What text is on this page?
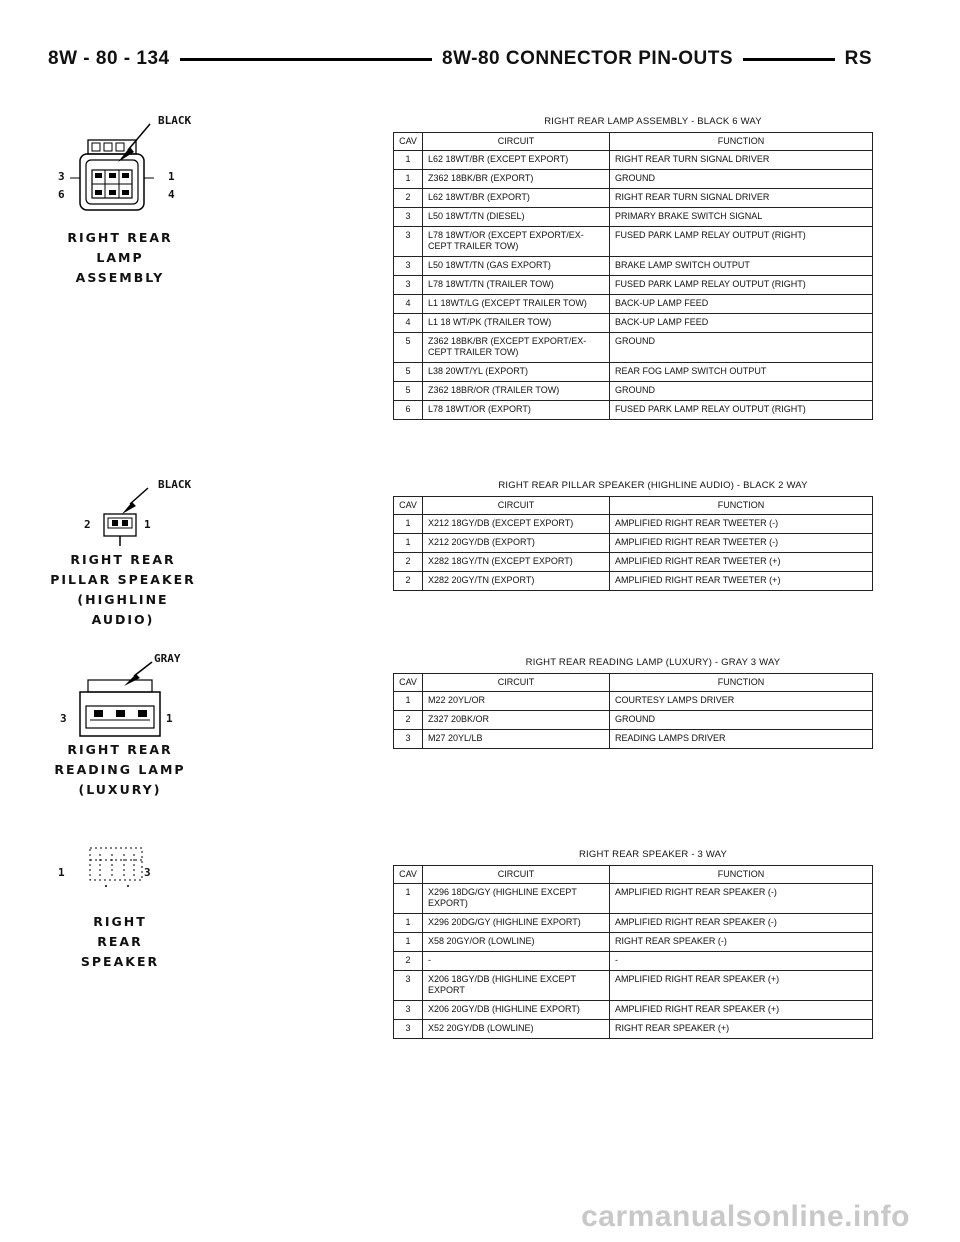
8W - 80 - 134	8W-80 CONNECTOR PIN-OUTS	RS
BLACK
3	1
6	4
RIGHT REAR
LAMP ASSEMBLY
BLACK
2	1
RIGHT REAR
PILLAR SPEAKER
(HIGHLINE AUDIO)
GRAY
3	1
RIGHT REAR
READING LAMP
(LUXURY)
1	3
RIGHT
REAR
SPEAKER
RIGHT REAR LAMP ASSEMBLY - BLACK 6 WAY
CAV	CIRCUIT	FUNCTION
1	L62 18WT/BR (EXCEPT EXPORT)	RIGHT REAR TURN SIGNAL DRIVER
1	Z362 18BK/BR (EXPORT)	GROUND
2	L62 18WT/BR (EXPORT)	RIGHT REAR TURN SIGNAL DRIVER
3	L50 18WT/TN (DIESEL)	PRIMARY BRAKE SWITCH SIGNAL
3	L78 18WT/OR (EXCEPT EXPORT/EX-
CEPT TRAILER TOW)	FUSED PARK LAMP RELAY OUTPUT (RIGHT)
3	L50 18WT/TN (GAS EXPORT)	BRAKE LAMP SWITCH OUTPUT
3	L78 18WT/TN (TRAILER TOW)	FUSED PARK LAMP RELAY OUTPUT (RIGHT)
4	L1 18WT/LG (EXCEPT TRAILER TOW)	BACK-UP LAMP FEED
4	L1 18 WT/PK (TRAILER TOW)	BACK-UP LAMP FEED
5	Z362 18BK/BR (EXCEPT EXPORT/EX-
CEPT TRAILER TOW)	GROUND
5	L38 20WT/YL (EXPORT)	REAR FOG LAMP SWITCH OUTPUT
5	Z362 18BR/OR (TRAILER TOW)	GROUND
6	L78 18WT/OR (EXPORT)	FUSED PARK LAMP RELAY OUTPUT (RIGHT)
RIGHT REAR PILLAR SPEAKER (HIGHLINE AUDIO) - BLACK 2 WAY
CAV	CIRCUIT	FUNCTION
1	X212 18GY/DB (EXCEPT EXPORT)	AMPLIFIED RIGHT REAR TWEETER (-)
1	X212 20GY/DB (EXPORT)	AMPLIFIED RIGHT REAR TWEETER (-)
2	X282 18GY/TN (EXCEPT EXPORT)	AMPLIFIED RIGHT REAR TWEETER (+)
2	X282 20GY/TN (EXPORT)	AMPLIFIED RIGHT REAR TWEETER (+)
RIGHT REAR READING LAMP (LUXURY) - GRAY 3 WAY
CAV	CIRCUIT	FUNCTION
1	M22 20YL/OR	COURTESY LAMPS DRIVER
2	Z327 20BK/OR	GROUND
3	M27 20YL/LB	READING LAMPS DRIVER
RIGHT REAR SPEAKER - 3 WAY
CAV	CIRCUIT	FUNCTION
1	X296 18DG/GY (HIGHLINE EXCEPT
EXPORT)	AMPLIFIED RIGHT REAR SPEAKER (-)
1	X296 20DG/GY (HIGHLINE EXPORT)	AMPLIFIED RIGHT REAR SPEAKER (-)
1	X58 20GY/OR (LOWLINE)	RIGHT REAR SPEAKER (-)
2	-	-
3	X206 18GY/DB (HIGHLINE EXCEPT
EXPORT	AMPLIFIED RIGHT REAR SPEAKER (+)
3	X206 20GY/DB (HIGHLINE EXPORT)	AMPLIFIED RIGHT REAR SPEAKER (+)
3	X52 20GY/DB (LOWLINE)	RIGHT REAR SPEAKER (+)
carmanualsonline.info
